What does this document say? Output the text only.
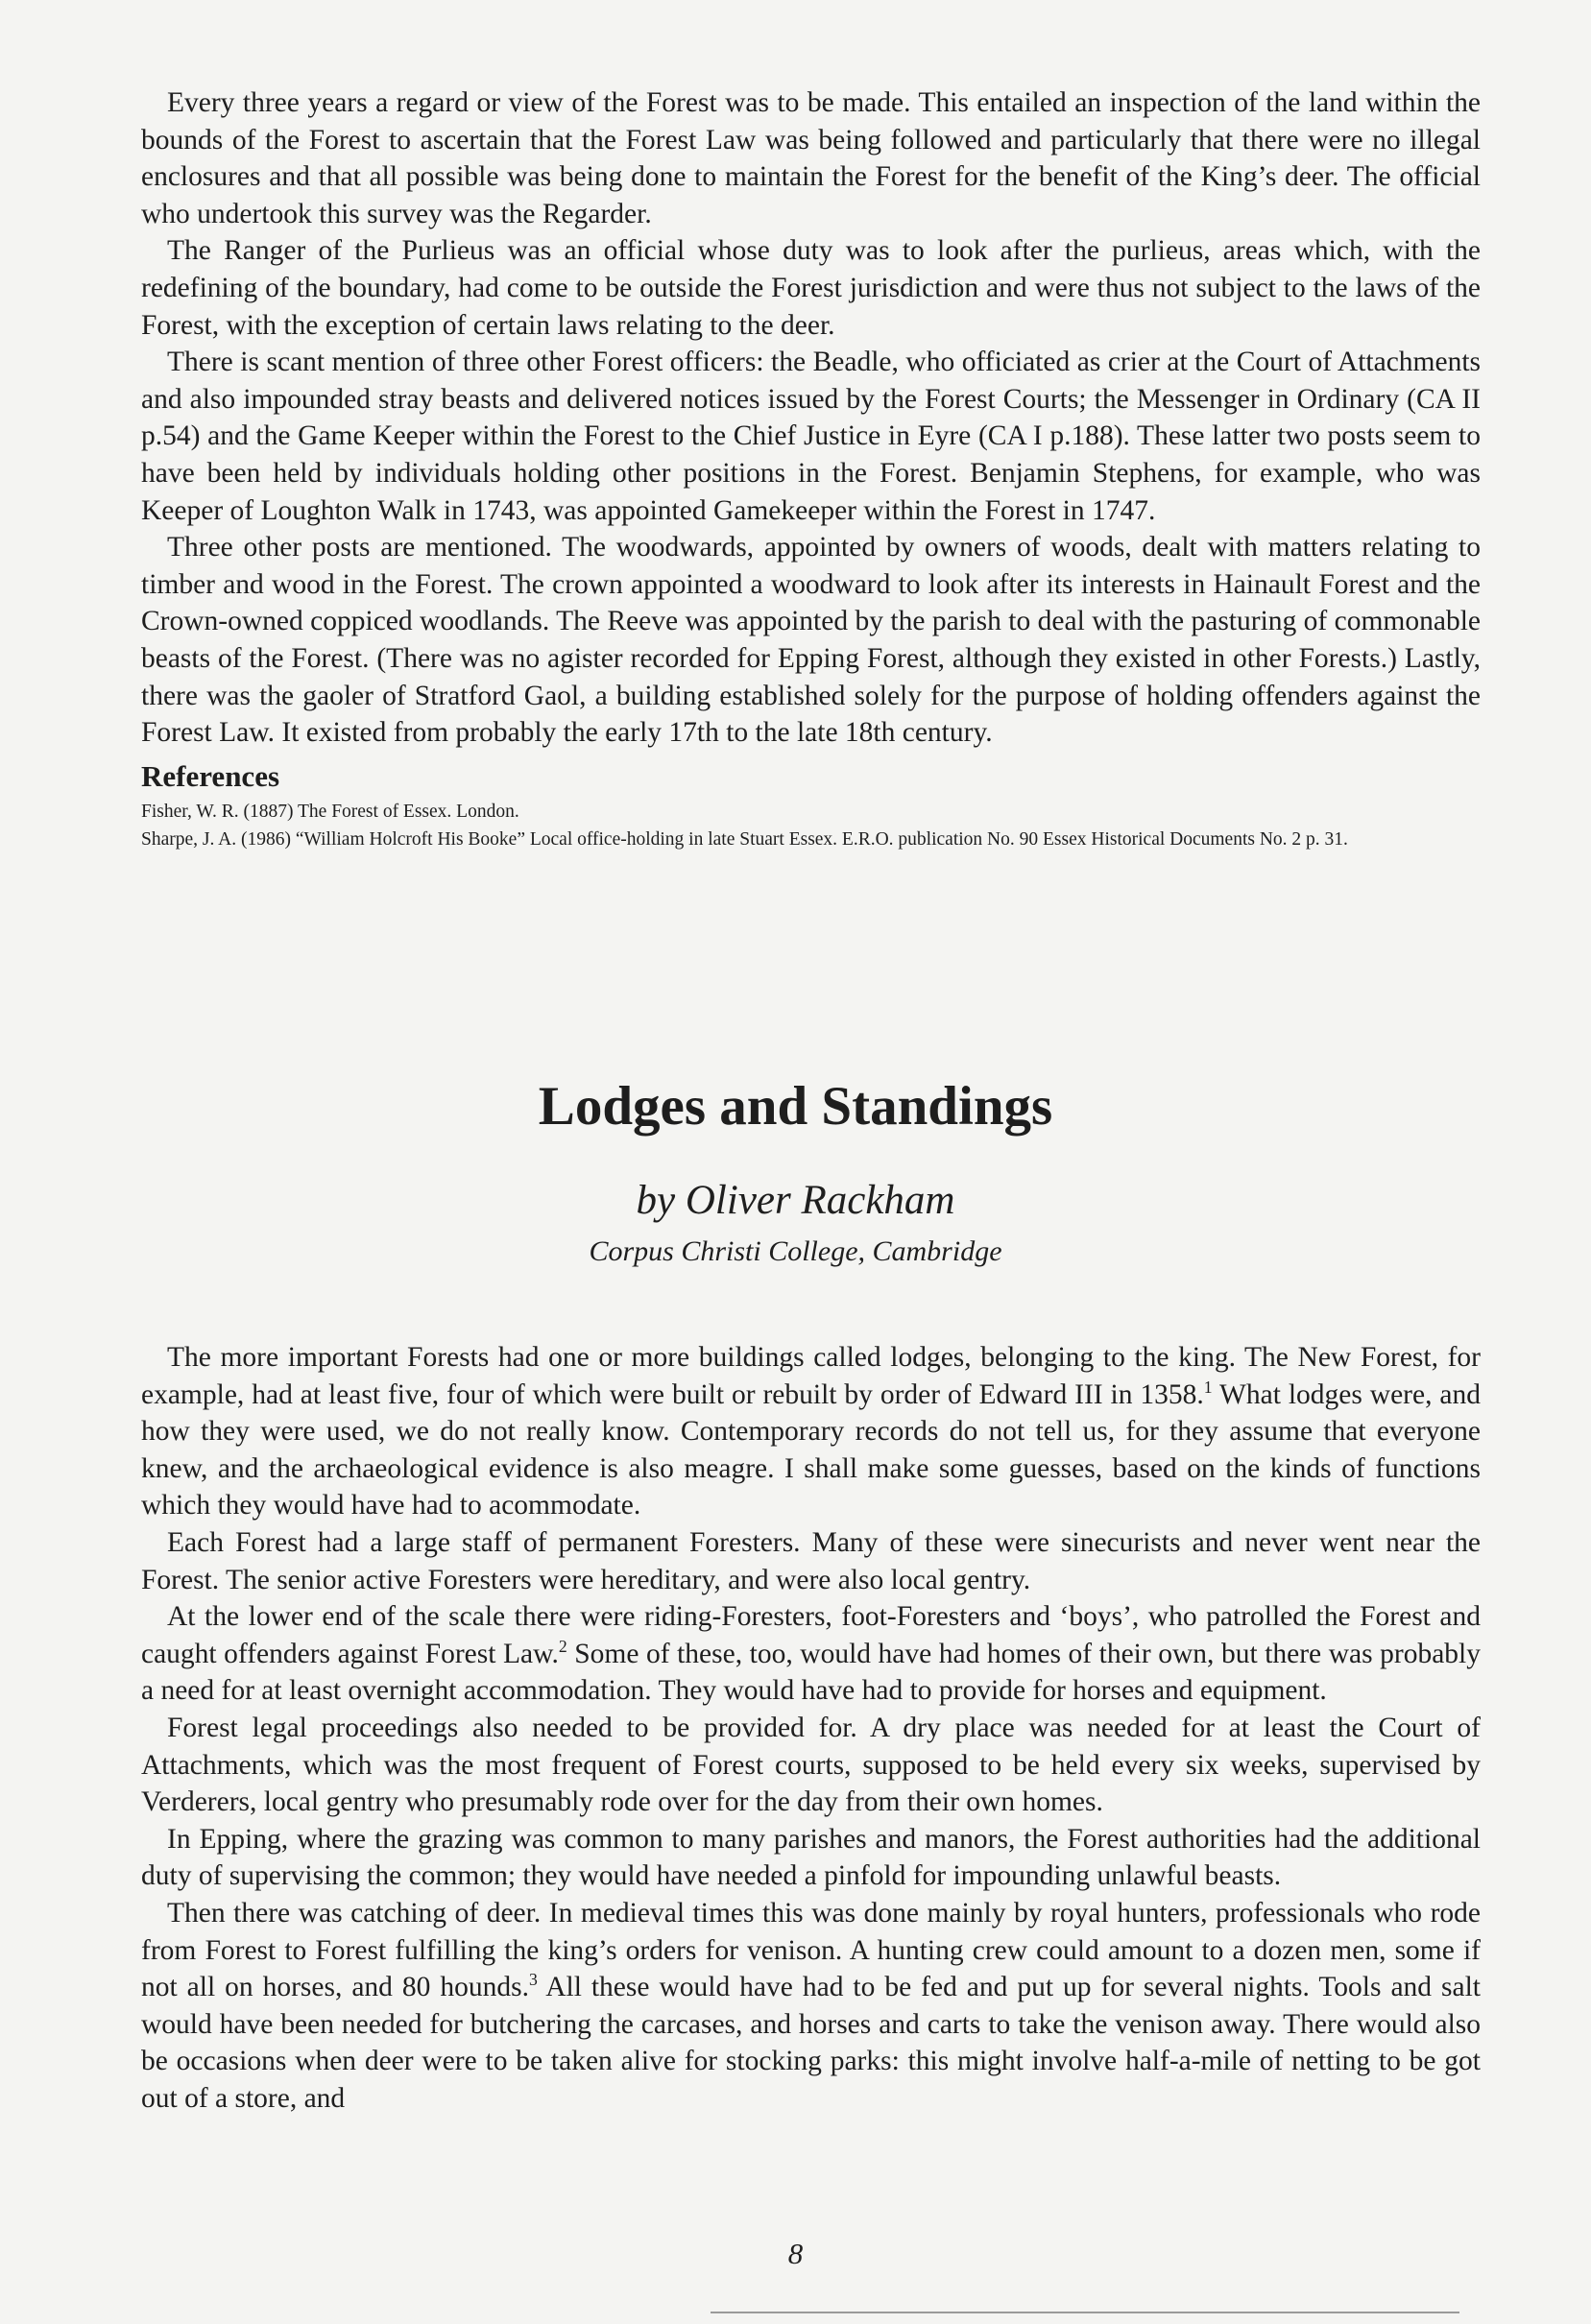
Every three years a regard or view of the Forest was to be made. This entailed an inspection of the land within the bounds of the Forest to ascertain that the Forest Law was being followed and particularly that there were no illegal enclosures and that all possible was being done to maintain the Forest for the benefit of the King’s deer. The official who undertook this survey was the Regarder.

The Ranger of the Purlieus was an official whose duty was to look after the purlieus, areas which, with the redefining of the boundary, had come to be outside the Forest jurisdiction and were thus not subject to the laws of the Forest, with the exception of certain laws relating to the deer.

There is scant mention of three other Forest officers: the Beadle, who officiated as crier at the Court of Attachments and also impounded stray beasts and delivered notices issued by the Forest Courts; the Messenger in Ordinary (CA II p.54) and the Game Keeper within the Forest to the Chief Justice in Eyre (CA I p.188). These latter two posts seem to have been held by individuals holding other positions in the Forest. Benjamin Stephens, for example, who was Keeper of Loughton Walk in 1743, was appointed Gamekeeper within the Forest in 1747.

Three other posts are mentioned. The woodwards, appointed by owners of woods, dealt with matters relating to timber and wood in the Forest. The crown appointed a woodward to look after its interests in Hainault Forest and the Crown-owned coppiced woodlands. The Reeve was appointed by the parish to deal with the pasturing of commonable beasts of the Forest. (There was no agister recorded for Epping Forest, although they existed in other Forests.) Lastly, there was the gaoler of Stratford Gaol, a building established solely for the purpose of holding offenders against the Forest Law. It existed from probably the early 17th to the late 18th century.

References

Fisher, W. R. (1887) The Forest of Essex. London.

Sharpe, J. A. (1986) “William Holcroft His Booke” Local office-holding in late Stuart Essex. E.R.O. publication No. 90 Essex Historical Documents No. 2 p. 31.

Lodges and Standings

by Oliver Rackham

Corpus Christi College, Cambridge

The more important Forests had one or more buildings called lodges, belonging to the king. The New Forest, for example, had at least five, four of which were built or rebuilt by order of Edward III in 1358.$^1$ What lodges were, and how they were used, we do not really know. Contemporary records do not tell us, for they assume that everyone knew, and the archaeological evidence is also meagre. I shall make some guesses, based on the kinds of functions which they would have had to acommodate.

Each Forest had a large staff of permanent Foresters. Many of these were sinecurists and never went near the Forest. The senior active Foresters were hereditary, and were also local gentry.

At the lower end of the scale there were riding-Foresters, foot-Foresters and ‘boys’, who patrolled the Forest and caught offenders against Forest Law.$^2$ Some of these, too, would have had homes of their own, but there was probably a need for at least overnight accommodation. They would have had to provide for horses and equipment.

Forest legal proceedings also needed to be provided for. A dry place was needed for at least the Court of Attachments, which was the most frequent of Forest courts, supposed to be held every six weeks, supervised by Verderers, local gentry who presumably rode over for the day from their own homes.

In Epping, where the grazing was common to many parishes and manors, the Forest authorities had the additional duty of supervising the common; they would have needed a pinfold for impounding unlawful beasts.

Then there was catching of deer. In medieval times this was done mainly by royal hunters, professionals who rode from Forest to Forest fulfilling the king’s orders for venison. A hunting crew could amount to a dozen men, some if not all on horses, and 80 hounds.$^3$ All these would have had to be fed and put up for several nights. Tools and salt would have been needed for butchering the carcases, and horses and carts to take the venison away. There would also be occasions when deer were to be taken alive for stocking parks: this might involve half-a-mile of netting to be got out of a store, and

8
